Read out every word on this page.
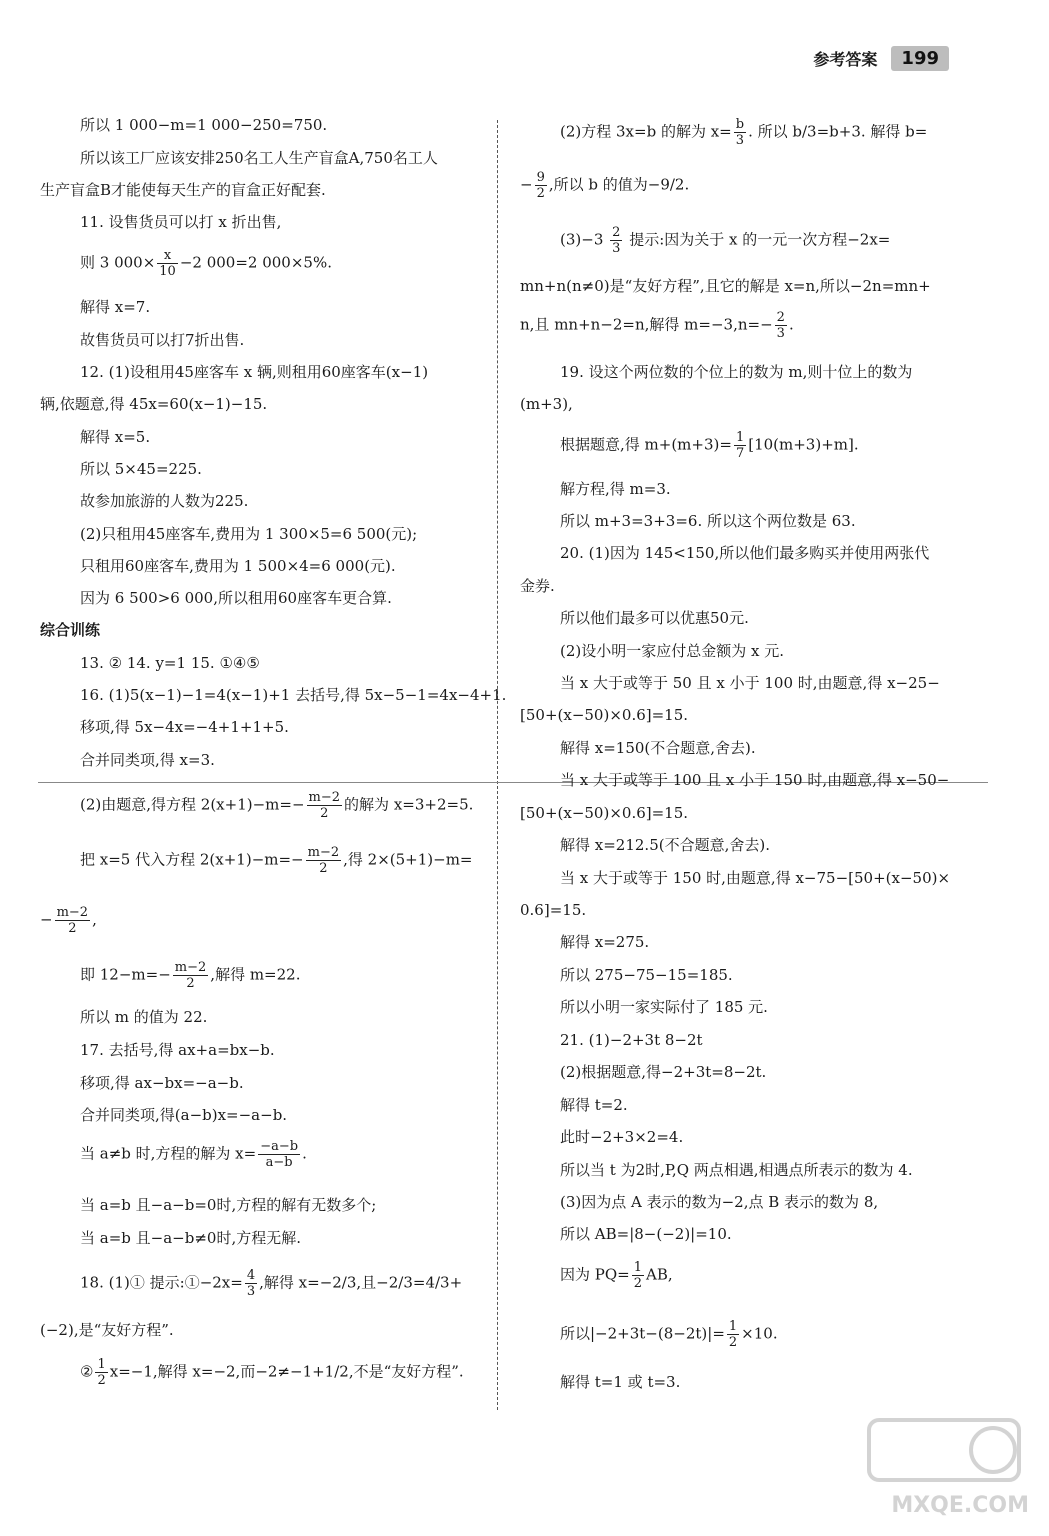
参考答案	199
所以 1 000−m=1 000−250=750.
所以该工厂应该安排250名工人生产盲盒A,750名工人
生产盲盒B才能使每天生产的盲盒正好配套.
11. 设售货员可以打 x 折出售,
则 3 $000\times \frac{x}{10} -2$ 000=2 000×5%.
解得 x=7.
故售货员可以打7折出售.
12. (1)设租用45座客车 x 辆,则租用60座客车(x−1)
辆,依题意,得 45x=60(x−1)−15.
解得 x=5.
所以 5×45=225.
故参加旅游的人数为225.
(2)只租用45座客车,费用为 1 300×5=6 500(元);
只租用60座客车,费用为 1 500×4=6 000(元).
因为 6 500>6 000,所以租用60座客车更合算.
综合训练
13. ② 14. y=1 15. ①④⑤
16. (1)5(x−1)−1=4(x−1)+1 去括号,得 5x−5−1=4x−4+1.
移项,得 5x−4x=−4+1+1+5.
合并同类项,得 x=3.
(2)由题意,得方程 $2(x+1)-m=- \frac{m-2}{2}$ 的解为 x=3+2=5.
把 x=5 代入方程 $2(x+1)-m=- \frac{m-2}{2}$ ,得 2×(5+1)−m=
− $\frac{m-2}{2}$ ,
即 $12-m=- \frac{m-2}{2}$ ,解得 m=22.
所以 m 的值为 22.
17. 去括号,得 ax+a=bx−b.
移项,得 ax−bx=−a−b.
合并同类项,得(a−b)x=−a−b.
当 a≠b 时,方程的解为 $x= \frac{-a-b}{a-b}$ .
当 a=b 且−a−b=0时,方程的解有无数多个;
当 a=b 且−a−b≠0时,方程无解.
18. (1)① 提示:①−2x= $\frac{4}{3}$ ,解得 x=−2/3,且−2/3=4/3+
(−2),是“友好方程”.
② $\frac{1}{2} x=-1$,解得 x=−2,而−2≠−1+1/2,不是“友好方程”.
(2)方程 3x=b 的解为 $x= \frac{b}{3}$ . 所以 b/3=b+3. 解得 b=
− $\frac{9}{2}$ ,所以 b 的值为−9/2.
$(3)-3 \frac{2}{3}$ 提示:因为关于 x 的一元一次方程−2x=
mn+n(n≠0)是“友好方程”,且它的解是 x=n,所以−2n=mn+
n,且 mn+n−2=n,解得 $m=-3,n=- \frac{2}{3}$ .
19. 设这个两位数的个位上的数为 m,则十位上的数为
(m+3),
根据题意,得 $m+(m+3)= \frac{1}{7} [10(m+3)+m]$.
解方程,得 m=3.
所以 m+3=3+3=6. 所以这个两位数是 63.
20. (1)因为 145<150,所以他们最多购买并使用两张代
金券.
所以他们最多可以优惠50元.
(2)设小明一家应付总金额为 x 元.
当 x 大于或等于 50 且 x 小于 100 时,由题意,得 x−25−
[50+(x−50)×0.6]=15.
解得 x=150(不合题意,舍去).
当 x 大于或等于 100 且 x 小于 150 时,由题意,得 x−50−
[50+(x−50)×0.6]=15.
解得 x=212.5(不合题意,舍去).
当 x 大于或等于 150 时,由题意,得 x−75−[50+(x−50)×
0.6]=15.
解得 x=275.
所以 275−75−15=185.
所以小明一家实际付了 185 元.
21. (1)−2+3t 8−2t
(2)根据题意,得−2+3t=8−2t.
解得 t=2.
此时−2+3×2=4.
所以当 t 为2时,P,Q 两点相遇,相遇点所表示的数为 4.
(3)因为点 A 表示的数为−2,点 B 表示的数为 8,
所以 AB=|8−(−2)|=10.
因为 $PQ= \frac{1}{2}$ AB,
所以$|-2+3t-(8-2t)|= \frac{1}{2} \times 10$.
解得 t=1 或 t=3.
MXQE.COM
